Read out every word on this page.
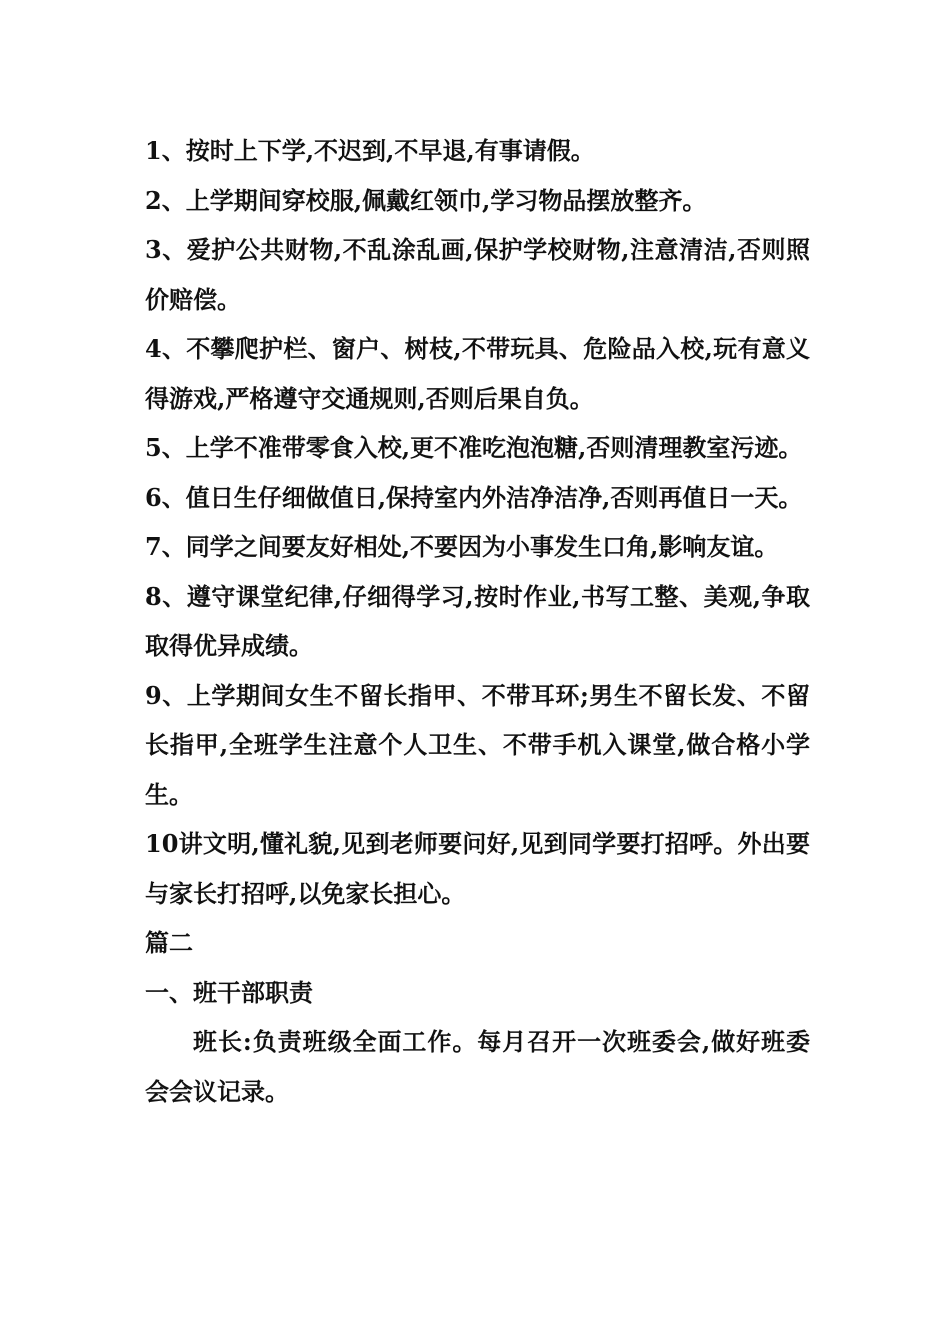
1、按时上下学,不迟到,不早退,有事请假。

2、上学期间穿校服,佩戴红领巾,学习物品摆放整齐。

3、爱护公共财物,不乱涂乱画,保护学校财物,注意清洁,否则照价赔偿。

4、不攀爬护栏、窗户、树枝,不带玩具、危险品入校,玩有意义得游戏,严格遵守交通规则,否则后果自负。

5、上学不准带零食入校,更不准吃泡泡糖,否则清理教室污迹。

6、值日生仔细做值日,保持室内外洁净洁净,否则再值日一天。

7、同学之间要友好相处,不要因为小事发生口角,影响友谊。

8、遵守课堂纪律,仔细得学习,按时作业,书写工整、美观,争取取得优异成绩。

9、上学期间女生不留长指甲、不带耳环;男生不留长发、不留长指甲,全班学生注意个人卫生、不带手机入课堂,做合格小学生。

10讲文明,懂礼貌,见到老师要问好,见到同学要打招呼。外出要与家长打招呼,以免家长担心。

篇二

一、班干部职责

班长:负责班级全面工作。每月召开一次班委会,做好班委会会议记录。
